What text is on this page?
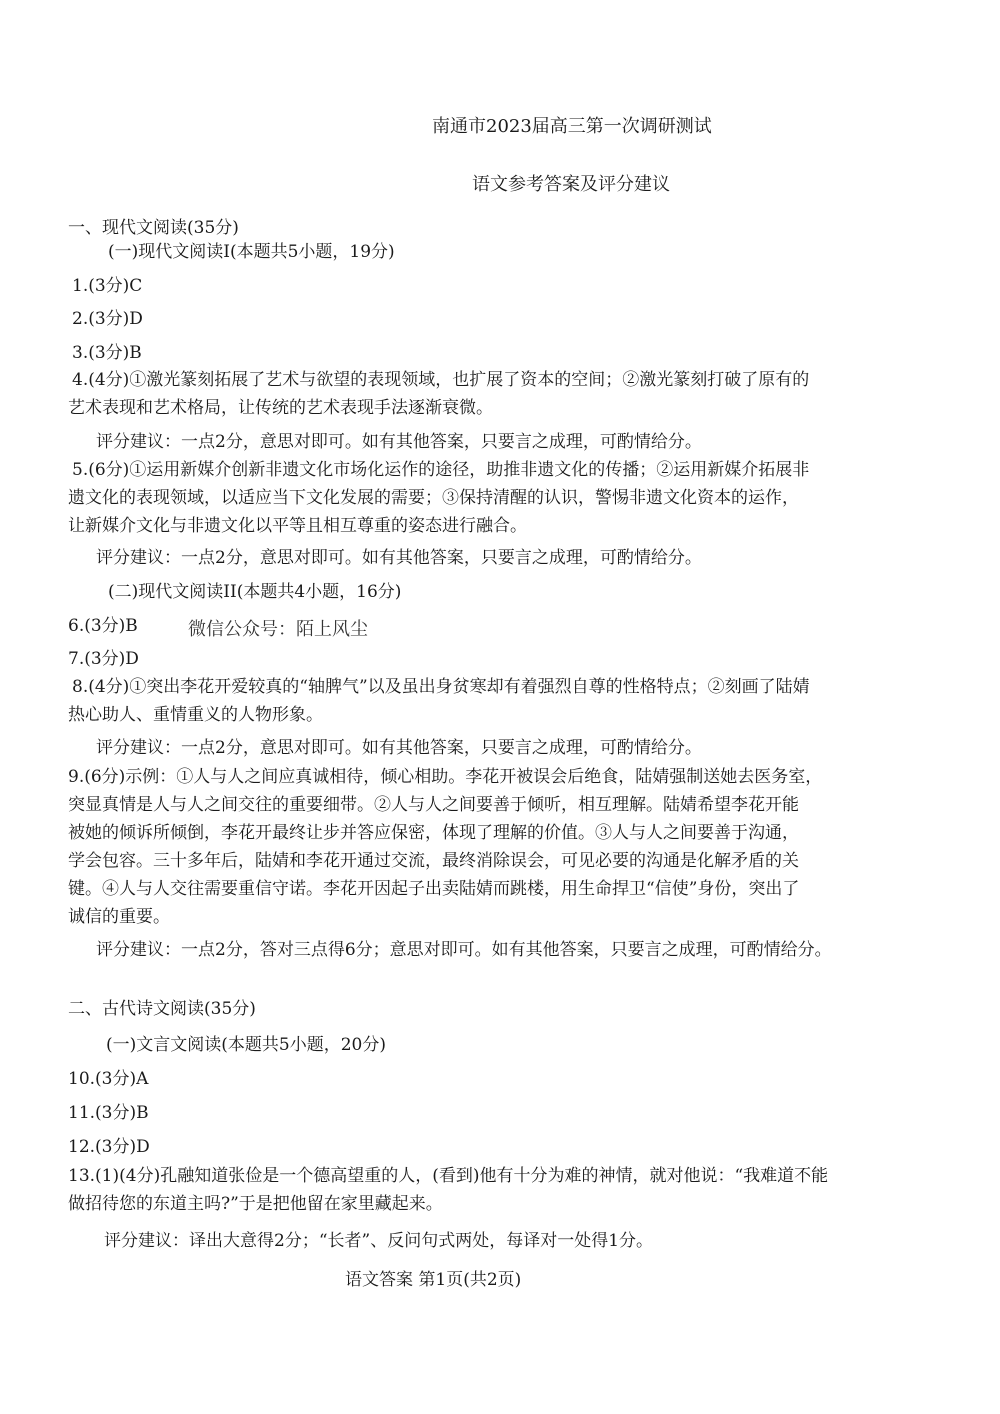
南通市2023届高三第一次调研测试
语文参考答案及评分建议
一、现代文阅读(35分)
(一)现代文阅读I(本题共5小题，19分)
1.(3分)C
2.(3分)D
3.(3分)B
4.(4分)①激光篆刻拓展了艺术与欲望的表现领域，也扩展了资本的空间；②激光篆刻打破了原有的
艺术表现和艺术格局，让传统的艺术表现手法逐渐衰微。
评分建议：一点2分，意思对即可。如有其他答案，只要言之成理，可酌情给分。
5.(6分)①运用新媒介创新非遗文化市场化运作的途径，助推非遗文化的传播；②运用新媒介拓展非
遗文化的表现领域，以适应当下文化发展的需要；③保持清醒的认识，警惕非遗文化资本的运作，
让新媒介文化与非遗文化以平等且相互尊重的姿态进行融合。
评分建议：一点2分，意思对即可。如有其他答案，只要言之成理，可酌情给分。
(二)现代文阅读II(本题共4小题，16分)
6.(3分)B	微信公众号：陌上风尘
7.(3分)D
8.(4分)①突出李花开爱较真的“轴脾气”以及虽出身贫寒却有着强烈自尊的性格特点；②刻画了陆婧
热心助人、重情重义的人物形象。
评分建议：一点2分，意思对即可。如有其他答案，只要言之成理，可酌情给分。
9.(6分)示例：①人与人之间应真诚相待，倾心相助。李花开被误会后绝食，陆婧强制送她去医务室，
突显真情是人与人之间交往的重要细带。②人与人之间要善于倾听，相互理解。陆婧希望李花开能
被她的倾诉所倾倒，李花开最终让步并答应保密，体现了理解的价值。③人与人之间要善于沟通，
学会包容。三十多年后，陆婧和李花开通过交流，最终消除误会，可见必要的沟通是化解矛盾的关
键。④人与人交往需要重信守诺。李花开因起子出卖陆婧而跳楼，用生命捍卫“信使”身份，突出了
诚信的重要。
评分建议：一点2分，答对三点得6分；意思对即可。如有其他答案，只要言之成理，可酌情给分。
二、古代诗文阅读(35分)
(一)文言文阅读(本题共5小题，20分)
10.(3分)A
11.(3分)B
12.(3分)D
13.(1)(4分)孔融知道张俭是一个德高望重的人，(看到)他有十分为难的神情，就对他说：“我难道不能
做招待您的东道主吗?”于是把他留在家里藏起来。
评分建议：译出大意得2分；“长者”、反问句式两处，每译对一处得1分。
语文答案 第1页(共2页)
